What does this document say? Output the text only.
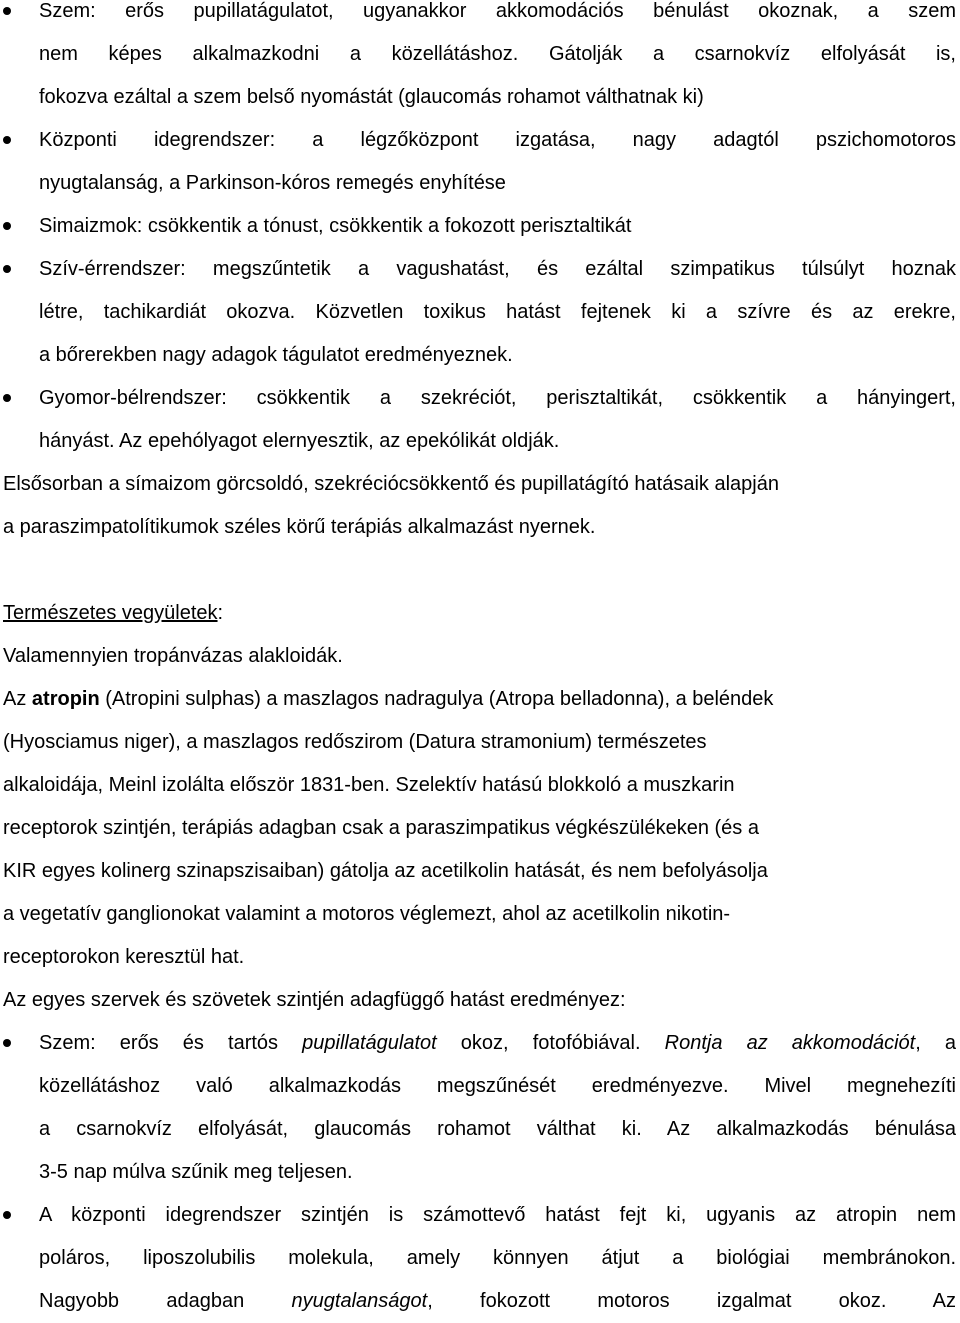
Szem: erős pupillatágulatot, ugyanakkor akkomodációs bénulást okoznak, a szem
nem képes alkalmazkodni a közellátáshoz. Gátolják a csarnokvíz elfolyását is,
fokozva ezáltal a szem belső nyomástát (glaucomás rohamot válthatnak ki)
Központi idegrendszer: a légzőközpont izgatása, nagy adagtól pszichomotoros
nyugtalanság, a Parkinson-kóros remegés enyhítése
Simaizmok: csökkentik a tónust, csökkentik a fokozott perisztaltikát
Szív-érrendszer: megszűntetik a vagushatást, és ezáltal szimpatikus túlsúlyt hoznak
létre, tachikardiát okozva. Közvetlen toxikus hatást fejtenek ki a szívre és az erekre,
a bőrerekben nagy adagok tágulatot eredményeznek.
Gyomor-bélrendszer: csökkentik a szekréciót, perisztaltikát, csökkentik a hányingert,
hányást. Az epehólyagot elernyesztik, az epekólikát oldják.

Elsősorban a símaizom görcsoldó, szekréciócsökkentő és pupillatágító hatásaik alapján
a paraszimpatolítikumok széles körű terápiás alkalmazást nyernek.

Természetes vegyületek:

Valamennyien tropánvázas alakloidák.

Az atropin (Atropini sulphas) a maszlagos nadragulya (Atropa belladonna), a beléndek
(Hyosciamus niger), a maszlagos redőszirom (Datura stramonium) természetes
alkaloidája, Meinl izolálta először 1831-ben. Szelektív hatású blokkoló a muszkarin
receptorok szintjén, terápiás adagban csak a paraszimpatikus végkészülékeken (és a
KIR egyes kolinerg szinapszisaiban) gátolja az acetilkolin hatását, és nem befolyásolja
a vegetatív ganglionokat valamint a motoros véglemezt, ahol az acetilkolin nikotin-
receptorokon keresztül hat.

Az egyes szervek és szövetek szintjén adagfüggő hatást eredményez:

Szem: erős és tartós pupillatágulatot okoz, fotofóbiával. Rontja az akkomodációt, a
közellátáshoz való alkalmazkodás megszűnését eredményezve. Mivel megnehezíti
a csarnokvíz elfolyását, glaucomás rohamot válthat ki. Az alkalmazkodás bénulása
3-5 nap múlva szűnik meg teljesen.
A központi idegrendszer szintjén is számottevő hatást fejt ki, ugyanis az atropin nem
poláros, liposzolubilis molekula, amely könnyen átjut a biológiai membránokon.
Nagyobb adagban nyugtalanságot, fokozott motoros izgalmat okoz. Az
